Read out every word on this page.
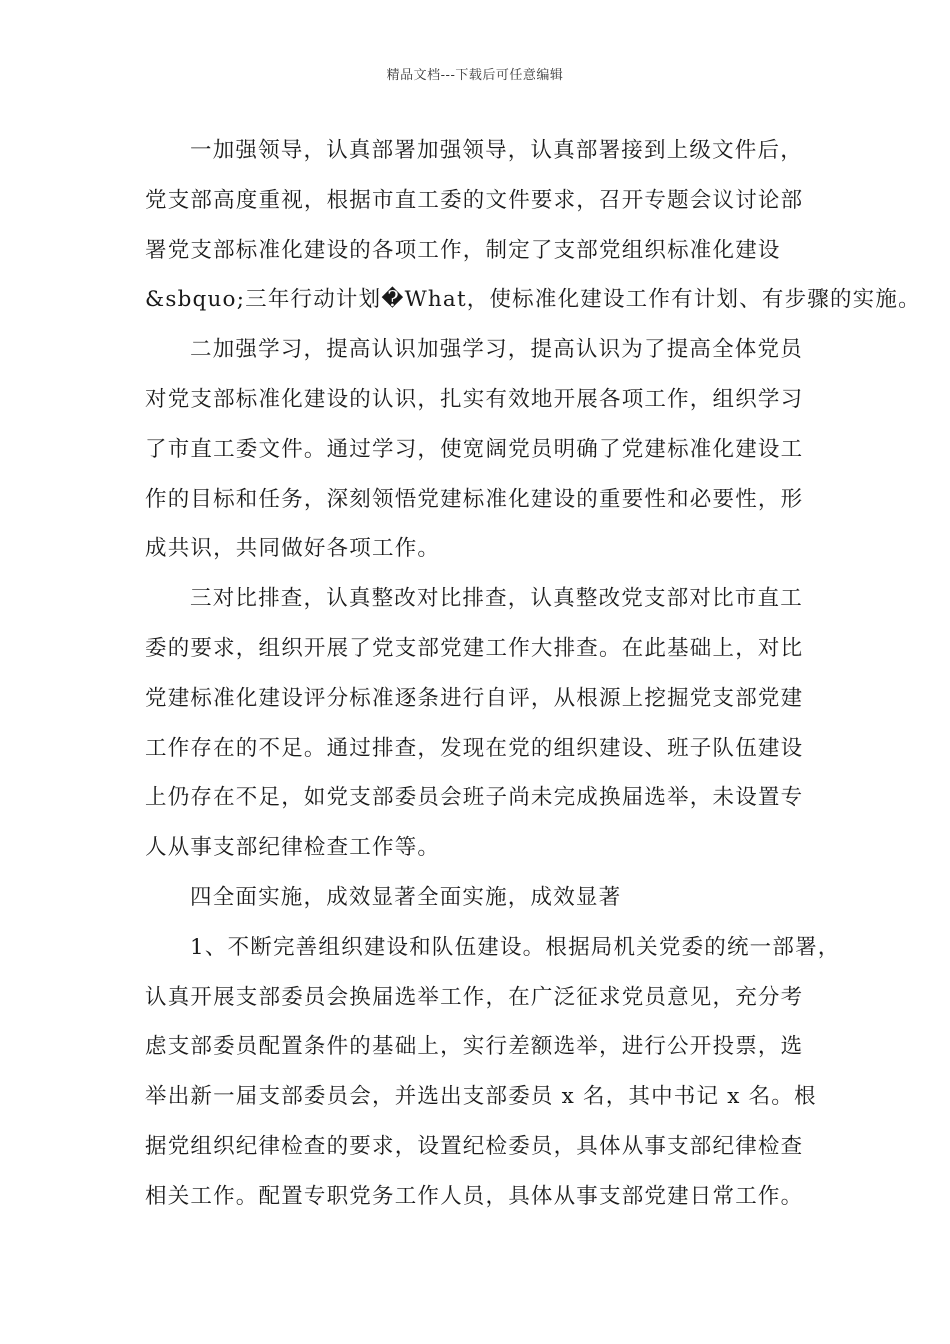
精品文档---下载后可任意编辑
一加强领导，认真部署加强领导，认真部署接到上级文件后，
党支部高度重视，根据市直工委的文件要求，召开专题会议讨论部
署党支部标准化建设的各项工作，制定了支部党组织标准化建设
&sbquo;三年行动计划�What，使标准化建设工作有计划、有步骤的实施。
二加强学习，提高认识加强学习，提高认识为了提高全体党员
对党支部标准化建设的认识，扎实有效地开展各项工作，组织学习
了市直工委文件。通过学习，使宽阔党员明确了党建标准化建设工
作的目标和任务，深刻领悟党建标准化建设的重要性和必要性，形
成共识，共同做好各项工作。
三对比排查，认真整改对比排查，认真整改党支部对比市直工
委的要求，组织开展了党支部党建工作大排查。在此基础上，对比
党建标准化建设评分标准逐条进行自评，从根源上挖掘党支部党建
工作存在的不足。通过排查，发现在党的组织建设、班子队伍建设
上仍存在不足，如党支部委员会班子尚未完成换届选举，未设置专
人从事支部纪律检查工作等。
四全面实施，成效显著全面实施，成效显著
1、不断完善组织建设和队伍建设。根据局机关党委的统一部署，
认真开展支部委员会换届选举工作，在广泛征求党员意见，充分考
虑支部委员配置条件的基础上，实行差额选举，进行公开投票，选
举出新一届支部委员会，并选出支部委员 x 名，其中书记 x 名。根
据党组织纪律检查的要求，设置纪检委员，具体从事支部纪律检查
相关工作。配置专职党务工作人员，具体从事支部党建日常工作。
